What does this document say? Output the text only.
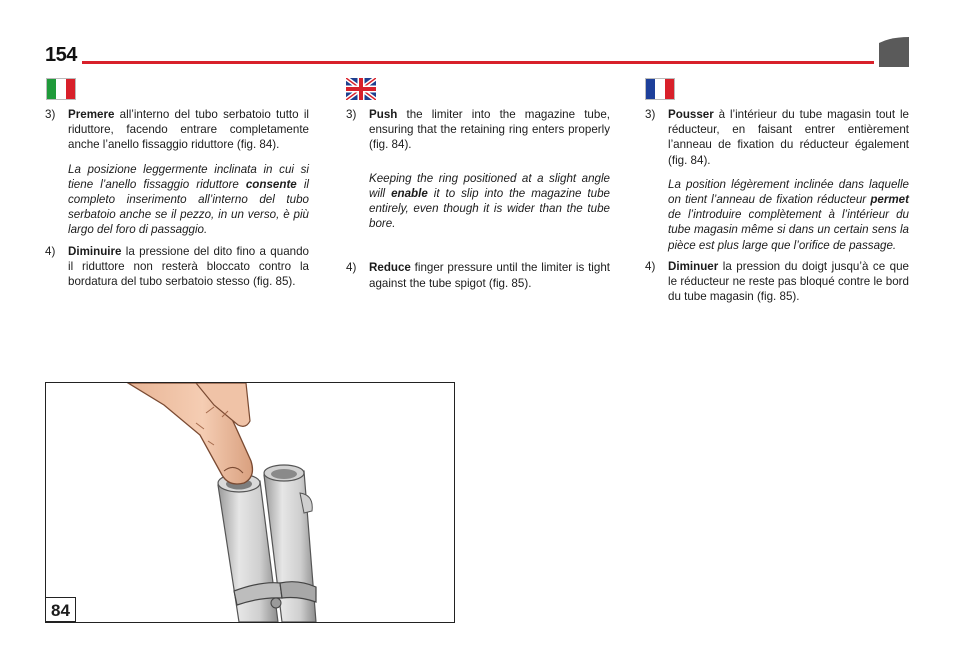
154

3) Premere all’interno del tubo serbatoio tutto il riduttore, facendo entrare completamente anche l’anello fissaggio riduttore (fig. 84).

La posizione leggermente inclinata in cui si tiene l’anello fissaggio riduttore consente il completo inserimento all’interno del tubo serbatoio anche se il pezzo, in un verso, è più largo del foro di passaggio.

4) Diminuire la pressione del dito fino a quando il riduttore non resterà bloccato contro la bordatura del tubo serbatoio stesso (fig. 85).

3) Push the limiter into the magazine tube, ensuring that the retaining ring enters properly (fig. 84).

Keeping the ring positioned at a slight angle will enable it to slip into the magazine tube entirely, even though it is wider than the tube bore.

4) Reduce finger pressure until the limiter is tight against the tube spigot (fig. 85).

3) Pousser à l’intérieur du tube magasin tout le réducteur, en faisant entrer entièrement l’anneau de fixation du réducteur également (fig. 84).

La position légèrement inclinée dans laquelle on tient l’anneau de fixation réducteur permet de l’introduire complètement à l’intérieur du tube magasin même si dans un certain sens la pièce est plus large que l’orifice de passage.

4) Diminuer la pression du doigt jusqu’à ce que le réducteur ne reste pas bloqué contre le bord du tube magasin (fig. 85).

84
